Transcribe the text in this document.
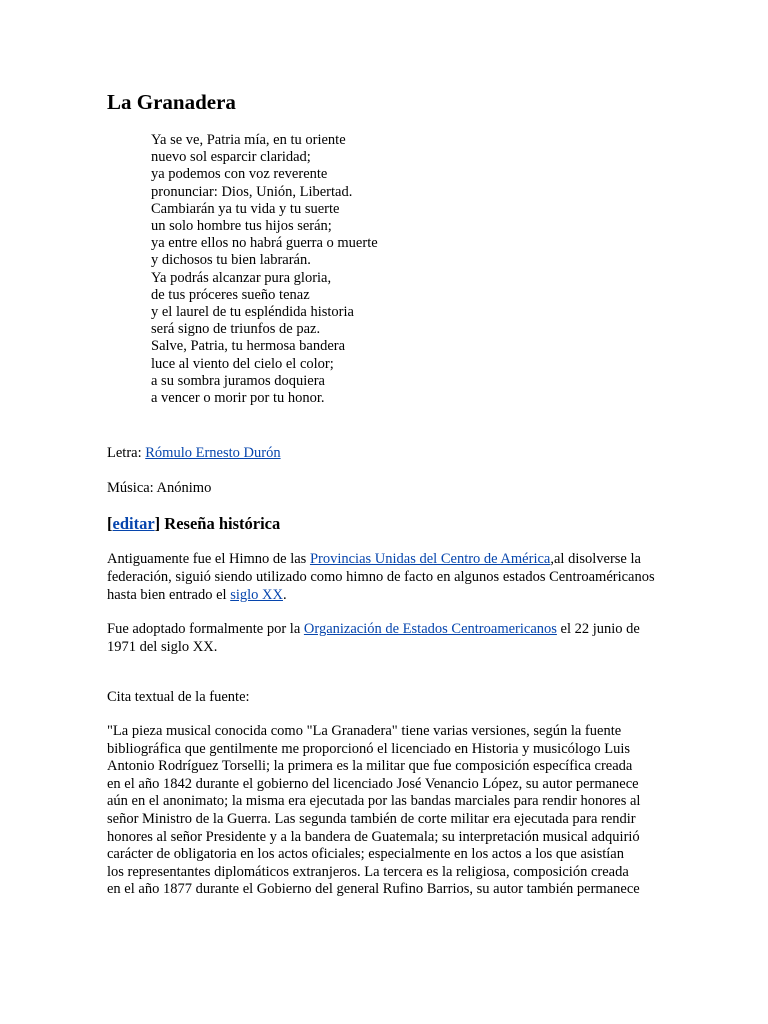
La Granadera
Ya se ve, Patria mía, en tu oriente
nuevo sol esparcir claridad;
ya podemos con voz reverente
pronunciar: Dios, Unión, Libertad.
Cambiarán ya tu vida y tu suerte
un solo hombre tus hijos serán;
ya entre ellos no habrá guerra o muerte
y dichosos tu bien labrarán.
Ya podrás alcanzar pura gloria,
de tus próceres sueño tenaz
y el laurel de tu espléndida historia
será signo de triunfos de paz.
Salve, Patria, tu hermosa bandera
luce al viento del cielo el color;
a su sombra juramos doquiera
a vencer o morir por tu honor.

Letra: Rómulo Ernesto Durón

Música: Anónimo

[editar] Reseña histórica

Antiguamente fue el Himno de las Provincias Unidas del Centro de América,al disolverse la federación, siguió siendo utilizado como himno de facto en algunos estados Centroaméricanos hasta bien entrado el siglo XX.

Fue adoptado formalmente por la Organización de Estados Centroamericanos el 22 junio de 1971 del siglo XX.

Cita textual de la fuente:

"La pieza musical conocida como "La Granadera" tiene varias versiones, según la fuente
bibliográfica que gentilmente me proporcionó el licenciado en Historia y musicólogo Luis
Antonio Rodríguez Torselli; la primera es la militar que fue composición específica creada
en el año 1842 durante el gobierno del licenciado José Venancio López, su autor permanece
aún en el anonimato; la misma era ejecutada por las bandas marciales para rendir honores al
señor Ministro de la Guerra. Las segunda también de corte militar era ejecutada para rendir
honores al señor Presidente y a la bandera de Guatemala; su interpretación musical adquirió
carácter de obligatoria en los actos oficiales; especialmente en los actos a los que asistían
los representantes diplomáticos extranjeros. La tercera es la religiosa, composición creada
en el año 1877 durante el Gobierno del general Rufino Barrios, su autor también permanece
